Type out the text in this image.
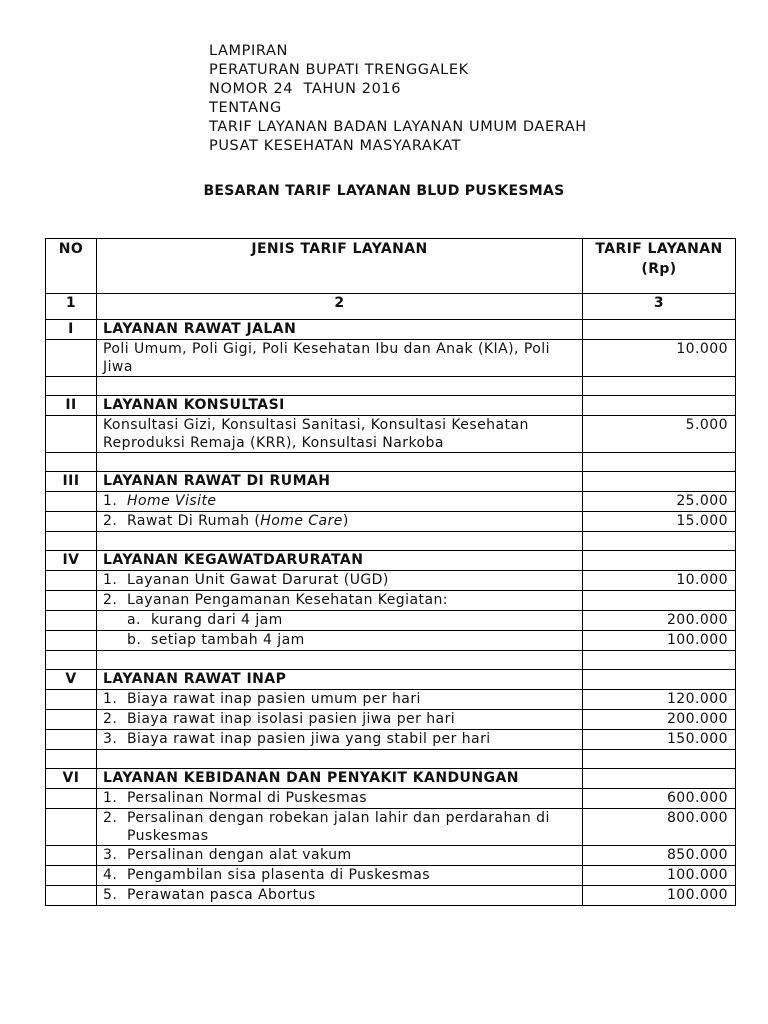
LAMPIRAN
PERATURAN BUPATI TRENGGALEK
NOMOR 24  TAHUN 2016
TENTANG
TARIF LAYANAN BADAN LAYANAN UMUM DAERAH
PUSAT KESEHATAN MASYARAKAT
BESARAN TARIF LAYANAN BLUD PUSKESMAS
NO	JENIS TARIF LAYANAN	TARIF LAYANAN
(Rp)

1	2	3
I	LAYANAN RAWAT JALAN	
	Poli Umum, Poli Gigi, Poli Kesehatan Ibu dan Anak (KIA), Poli Jiwa	10.000

II	LAYANAN KONSULTASI	
	Konsultasi Gizi, Konsultasi Sanitasi, Konsultasi Kesehatan Reproduksi Remaja (KRR), Konsultasi Narkoba	5.000

III	LAYANAN RAWAT DI RUMAH	

	1. Home Visite	25.000

	2. Rawat Di Rumah (Home Care)	15.000

IV	LAYANAN KEGAWATDARURATAN	

	1. Layanan Unit Gawat Darurat (UGD)	10.000

	2. Layanan Pengamanan Kesehatan Kegiatan:	

	a. kurang dari 4 jam	200.000

	b. setiap tambah 4 jam	100.000

V	LAYANAN RAWAT INAP	

	1. Biaya rawat inap pasien umum per hari	120.000

	2. Biaya rawat inap isolasi pasien jiwa per hari	200.000

	3. Biaya rawat inap pasien jiwa yang stabil per hari	150.000

VI	LAYANAN KEBIDANAN DAN PENYAKIT KANDUNGAN	

	1. Persalinan Normal di Puskesmas	600.000

	2. Persalinan dengan robekan jalan lahir dan perdarahan di Puskesmas	800.000

	3. Persalinan dengan alat vakum	850.000

	4. Pengambilan sisa plasenta di Puskesmas	100.000

	5. Perawatan pasca Abortus	100.000
